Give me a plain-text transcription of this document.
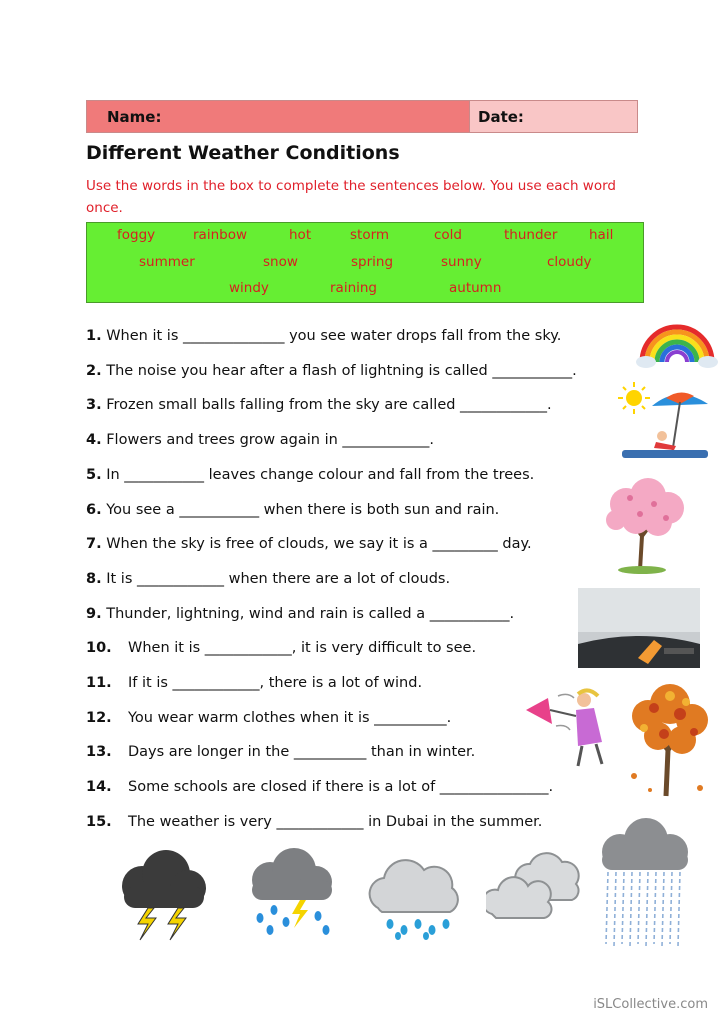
Name:	Date:
Different Weather Conditions
Use the words in the box to complete the sentences below. You use each word once.
foggy	rainbow	hot	storm	cold	thunder hail
summer	snow	spring	sunny	cloudy
windy	raining	autumn
1. When it is ______________ you see water drops fall from the sky.
2. The noise you hear after a flash of lightning is called ___________.
3. Frozen small balls falling from the sky are called ____________.
4. Flowers and trees grow again in ____________.
5. In ___________ leaves change colour and fall from the trees.
6. You see a ___________ when there is both sun and rain.
7. When the sky is free of clouds, we say it is a _________ day.
8. It is ____________ when there are a lot of clouds.
9. Thunder, lightning, wind and rain is called a ___________.
10. When it is ____________, it is very difficult to see.
11. If it is ____________, there is a lot of wind.
12. You wear warm clothes when it is __________.
13. Days are longer in the __________ than in winter.
14. Some schools are closed if there is a lot of _______________.
15. The weather is very ____________ in Dubai in the summer.
iSLCollective.com
